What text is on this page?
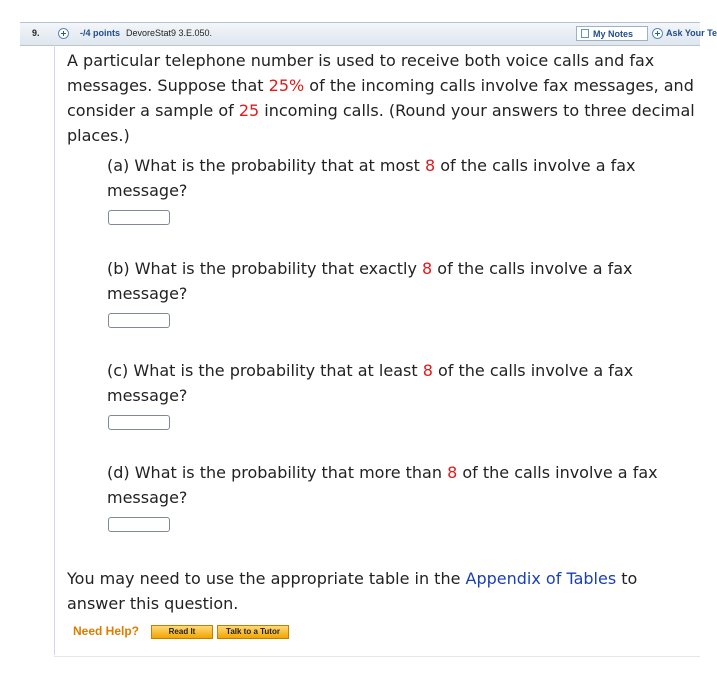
9.	-/4 points DevoreStat9 3.E.050.	My Notes	Ask Your Te
A particular telephone number is used to receive both voice calls and fax messages. Suppose that 25% of the incoming calls involve fax messages, and consider a sample of 25 incoming calls. (Round your answers to three decimal places.)
(a) What is the probability that at most 8 of the calls involve a fax message?
(b) What is the probability that exactly 8 of the calls involve a fax message?
(c) What is the probability that at least 8 of the calls involve a fax message?
(d) What is the probability that more than 8 of the calls involve a fax message?
You may need to use the appropriate table in the Appendix of Tables to answer this question.
Need Help?	Read It	Talk to a Tutor
